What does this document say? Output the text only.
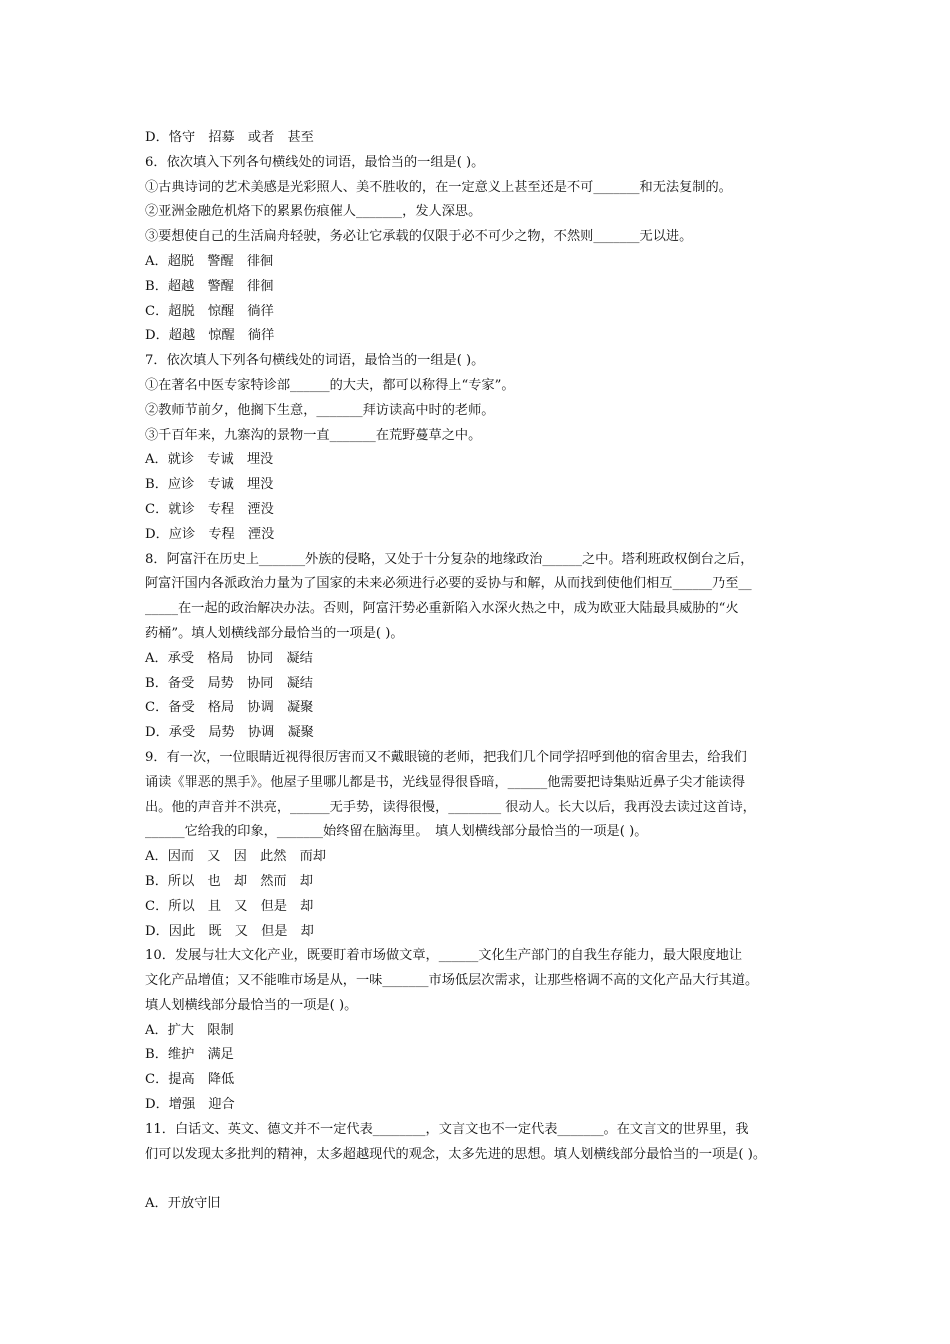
D．恪守　招募　或者　甚至
6．依次填入下列各句横线处的词语，最恰当的一组是( )。
①古典诗词的艺术美感是光彩照人、美不胜收的，在一定意义上甚至还是不可_______和无法复制的。
②亚洲金融危机烙下的累累伤痕催人_______，发人深思。
③要想使自己的生活扁舟轻驶，务必让它承载的仅限于必不可少之物，不然则_______无以进。
A．超脱　警醒　徘徊
B．超越　警醒　徘徊
C．超脱　惊醒　徜徉
D．超越　惊醒　徜徉
7．依次填人下列各句横线处的词语，最恰当的一组是( )。
①在著名中医专家特诊部______的大夫，都可以称得上“专家”。
②教师节前夕，他搁下生意，_______拜访读高中时的老师。
③千百年来，九寨沟的景物一直_______在荒野蔓草之中。
A．就诊　专诚　埋没
B．应诊　专诚　埋没
C．就诊　专程　湮没
D．应诊　专程　湮没
8．阿富汗在历史上_______外族的侵略，又处于十分复杂的地缘政治______之中。塔利班政权倒台之后，
阿富汗国内各派政治力量为了国家的未来必须进行必要的妥协与和解，从而找到使他们相互______乃至__
_____在一起的政治解决办法。否则，阿富汗势必重新陷入水深火热之中，成为欧亚大陆最具威胁的“火
药桶”。填人划横线部分最恰当的一项是( )。
A．承受　格局　协同　凝结
B．备受　局势　协同　凝结
C．备受　格局　协调　凝聚
D．承受　局势　协调　凝聚
9．有一次，一位眼睛近视得很厉害而又不戴眼镜的老师，把我们几个同学招呼到他的宿舍里去，给我们
诵读《罪恶的黑手》。他屋子里哪儿都是书，光线显得很昏暗，______他需要把诗集贴近鼻子尖才能读得
出。他的声音并不洪亮，______无手势，读得很慢，________ 很动人。长大以后，我再没去读过这首诗，
______它给我的印象，_______始终留在脑海里。　填人划横线部分最恰当的一项是( )。
A．因而　又　因　此然　而却
B．所以　也　却　然而　却
C．所以　且　又　但是　却
D．因此　既　又　但是　却
10．发展与壮大文化产业，既要盯着市场做文章，______文化生产部门的自我生存能力，最大限度地让
文化产品增值；又不能唯市场是从，一味_______市场低层次需求，让那些格调不高的文化产品大行其道。
填人划横线部分最恰当的一项是( )。
A．扩大　限制
B．维护　满足
C．提高　降低
D．增强　迎合
11．白话文、英文、德文并不一定代表________，文言文也不一定代表_______。在文言文的世界里，我
们可以发现太多批判的精神，太多超越现代的观念，太多先进的思想。填人划横线部分最恰当的一项是( )。
A．开放守旧
